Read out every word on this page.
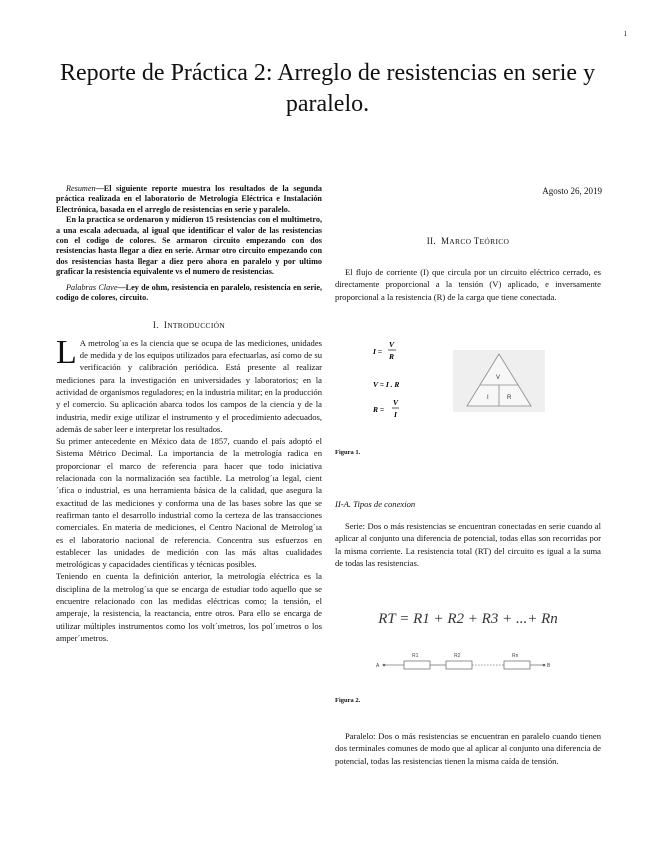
1
Reporte de Práctica 2: Arreglo de resistencias en serie y paralelo.

Resumen—El siguiente reporte muestra los resultados de la segunda práctica realizada en el laboratorio de Metrología Eléctrica e Instalación Electrónica, basada en el arreglo de resistencias en serie y paralelo.

En la practica se ordenaron y midieron 15 resistencias con el multimetro, a una escala adecuada, al igual que identificar el valor de las resistencias con el codigo de colores. Se armaron circuito empezando con dos resistencias hasta llegar a diez en serie. Armar otro circuito empezando con dos resistencias hasta llegar a diez pero ahora en paralelo y por ultimo graficar la resistencia equivalente vs el numero de resistencias.

Palabras Clave—Ley de ohm, resistencia en paralelo, resistencia en serie, codigo de colores, circuito.

I. INTRODUCCIÓN

L A metrolog´ıa es la ciencia que se ocupa de las mediciones, unidades de medida y de los equipos utilizados para efectuarlas, así como de su verificación y calibración periódica. Está presente al realizar mediciones para la investigación en universidades y laboratorios; en la actividad de organismos reguladores; en la industria militar; en la producción y el comercio. Su aplicación abarca todos los campos de la ciencia y de la industria, medir exige utilizar el instrumento y el procedimiento adecuados, además de saber leer e interpretar los resultados.

Su primer antecedente en México data de 1857, cuando el país adoptó el Sistema Métrico Decimal. La importancia de la metrología radica en proporcionar el marco de referencia para hacer que todo iniciativa relacionada con la normalización sea factible. La metrolog´ıa legal, cient´ıfica o industrial, es una herramienta básica de la calidad, que asegura la exactitud de las mediciones y conforma una de las bases sobre las que se reafirman tanto el desarrollo industrial como la certeza de las transacciones comerciales. En materia de mediciones, el Centro Nacional de Metrolog´ıa es el laboratorio nacional de referencia. Concentra sus esfuerzos en establecer las unidades de medición con las más altas cualidades metrológicas y capacidades científicas y técnicas posibles.

Teniendo en cuenta la definición anterior, la metrología eléctrica es la disciplina de la metrolog´ıa que se encarga de estudiar todo aquello que se encuentre relacionado con las medidas eléctricas como; la tensión, el amperaje, la resistencia, la reactancia, entre otros. Para ello se encarga de utilizar múltiples instrumentos como los volt´ımetros, los pol´ımetros o los amper´ımetros.

Agosto 26, 2019
II. MARCO TEÓRICO

El flujo de corriente (I) que circula por un circuito eléctrico cerrado, es directamente proporcional a la tensión (V) aplicado, e inversamente proporcional a la resistencia (R) de la carga que tiene conectada.

I =
V
R
V = I . R
R =
V
I
V
I	R
Figura 1.
II-A. Tipos de conexion

Serie: Dos o más resistencias se encuentran conectadas en serie cuando al aplicar al conjunto una diferencia de potencial, todas ellas son recorridas por la misma corriente. La resistencia total (RT) del circuito es igual a la suma de todas las resistencias.

RT = R1 + R2 + R3 + ...+ Rn
A	B
R1	R2	Rn
Figura 2.

Paralelo: Dos o más resistencias se encuentran en paralelo cuando tienen dos terminales comunes de modo que al aplicar al conjunto una diferencia de potencial, todas las resistencias tienen la misma caída de tensión.
